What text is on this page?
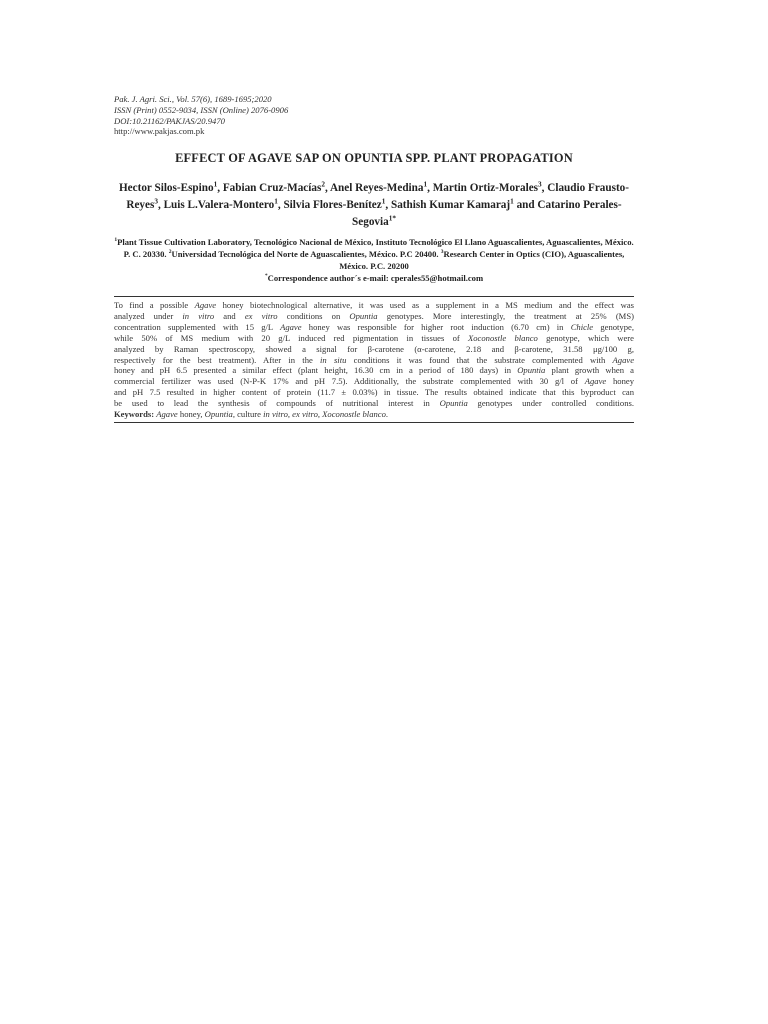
Pak. J. Agri. Sci., Vol. 57(6), 1689-1695;2020
ISSN (Print) 0552-9034, ISSN (Online) 2076-0906
DOI:10.21162/PAKJAS/20.9470
http://www.pakjas.com.pk
EFFECT OF AGAVE SAP ON OPUNTIA SPP. PLANT PROPAGATION
Hector Silos-Espino$^1$, Fabian Cruz-Macías$^2$, Anel Reyes-Medina$^1$, Martin Ortiz-Morales$^3$, Claudio Frausto-Reyes$^3$, Luis L.Valera-Montero$^1$, Silvia Flores-Benítez$^1$, Sathish Kumar Kamaraj$^1$ and Catarino Perales-Segovia$^{1*}$
$^1$Plant Tissue Cultivation Laboratory, Tecnológico Nacional de México, Instituto Tecnológico El Llano Aguascalientes, Aguascalientes, México. P. C. 20330. $^2$Universidad Tecnológica del Norte de Aguascalientes, México. P.C 20400. $^3$Research Center in Optics (CIO), Aguascalientes, México. P.C. 20200
*Correspondence author´s e-mail: cperales55@hotmail.com
To find a possible Agave honey biotechnological alternative, it was used as a supplement in a MS medium and the effect was
analyzed under in vitro and ex vitro conditions on Opuntia genotypes. More interestingly, the treatment at 25% (MS)
concentration supplemented with 15 g/L Agave honey was responsible for higher root induction (6.70 cm) in Chicle genotype,
while 50% of MS medium with 20 g/L induced red pigmentation in tissues of Xoconostle blanco genotype, which were
analyzed by Raman spectroscopy, showed a signal for β-carotene (α-carotene, 2.18 and β-carotene, 31.58 μg/100 g,
respectively for the best treatment). After in the in situ conditions it was found that the substrate complemented with Agave
honey and pH 6.5 presented a similar effect (plant height, 16.30 cm in a period of 180 days) in Opuntia plant growth when a
commercial fertilizer was used (N-P-K 17% and pH 7.5). Additionally, the substrate complemented with 30 g/l of Agave honey
and pH 7.5 resulted in higher content of protein (11.7 ± 0.03%) in tissue. The results obtained indicate that this byproduct can
be used to lead the synthesis of compounds of nutritional interest in Opuntia genotypes under controlled conditions.
Keywords: Agave honey, Opuntia, culture in vitro, ex vitro, Xoconostle blanco.
